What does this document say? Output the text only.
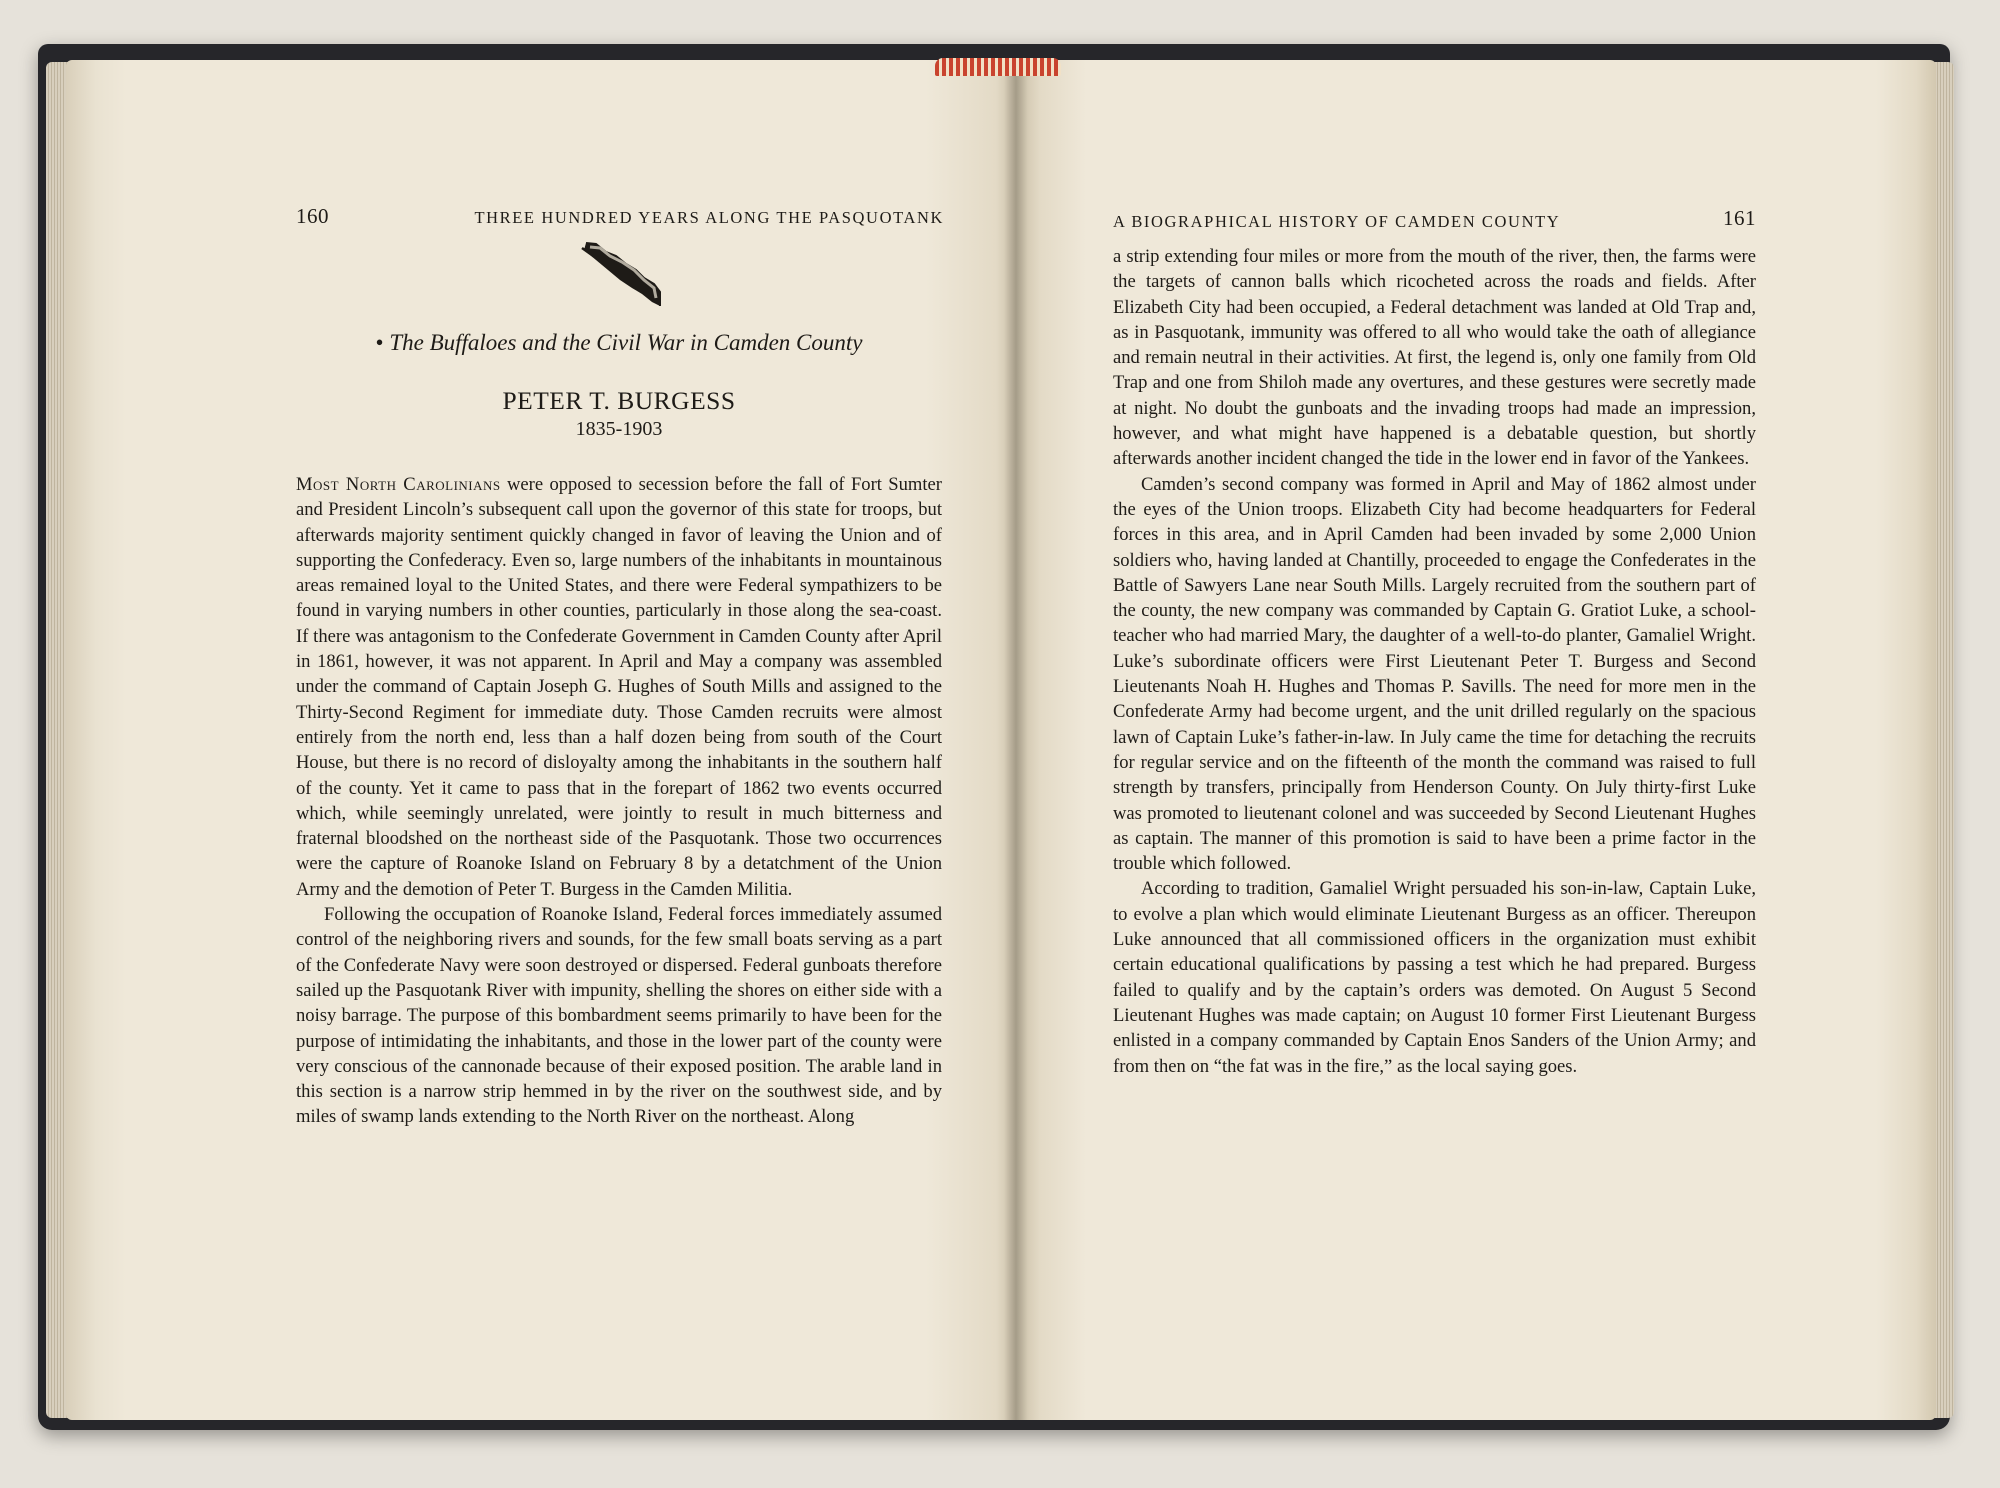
160	THREE HUNDRED YEARS ALONG THE PASQUOTANK
• The Buffaloes and the Civil War in Camden County
PETER T. BURGESS
1835-1903

Most North Carolinians were opposed to secession before the fall of Fort Sumter and President Lincoln’s subsequent call upon the governor of this state for troops, but afterwards majority sentiment quickly changed in favor of leaving the Union and of supporting the Confederacy. Even so, large numbers of the inhabitants in mountainous areas remained loyal to the United States, and there were Federal sympathizers to be found in varying numbers in other counties, particularly in those along the sea-coast. If there was antagonism to the Confederate Government in Camden County after April in 1861, however, it was not apparent. In April and May a company was assembled under the command of Captain Joseph G. Hughes of South Mills and assigned to the Thirty-Second Regiment for immediate duty. Those Camden recruits were almost entirely from the north end, less than a half dozen being from south of the Court House, but there is no record of disloyalty among the inhabitants in the southern half of the county. Yet it came to pass that in the forepart of 1862 two events occurred which, while seemingly unrelated, were jointly to result in much bitterness and fraternal bloodshed on the northeast side of the Pasquotank. Those two occurrences were the capture of Roanoke Island on February 8 by a detatchment of the Union Army and the demotion of Peter T. Burgess in the Camden Militia.

Following the occupation of Roanoke Island, Federal forces immediately assumed control of the neighboring rivers and sounds, for the few small boats serving as a part of the Confederate Navy were soon destroyed or dispersed. Federal gunboats therefore sailed up the Pasquotank River with impunity, shelling the shores on either side with a noisy barrage. The purpose of this bombardment seems primarily to have been for the purpose of intimidating the inhabitants, and those in the lower part of the county were very conscious of the cannonade because of their exposed position. The arable land in this section is a narrow strip hemmed in by the river on the southwest side, and by miles of swamp lands extending to the North River on the northeast. Along

A BIOGRAPHICAL HISTORY OF CAMDEN COUNTY	161

a strip extending four miles or more from the mouth of the river, then, the farms were the targets of cannon balls which ricocheted across the roads and fields. After Elizabeth City had been occupied, a Federal detachment was landed at Old Trap and, as in Pasquotank, immunity was offered to all who would take the oath of allegiance and remain neutral in their activities. At first, the legend is, only one family from Old Trap and one from Shiloh made any overtures, and these gestures were secretly made at night. No doubt the gunboats and the invading troops had made an impression, however, and what might have happened is a debatable question, but shortly afterwards another incident changed the tide in the lower end in favor of the Yankees.

Camden’s second company was formed in April and May of 1862 almost under the eyes of the Union troops. Elizabeth City had become headquarters for Federal forces in this area, and in April Camden had been invaded by some 2,000 Union soldiers who, having landed at Chantilly, proceeded to engage the Confederates in the Battle of Sawyers Lane near South Mills. Largely recruited from the southern part of the county, the new company was commanded by Captain G. Gratiot Luke, a school-teacher who had married Mary, the daughter of a well-to-do planter, Gamaliel Wright. Luke’s subordinate officers were First Lieutenant Peter T. Burgess and Second Lieutenants Noah H. Hughes and Thomas P. Savills. The need for more men in the Confederate Army had become urgent, and the unit drilled regularly on the spacious lawn of Captain Luke’s father-in-law. In July came the time for detaching the recruits for regular service and on the fifteenth of the month the command was raised to full strength by transfers, principally from Henderson County. On July thirty-first Luke was promoted to lieutenant colonel and was succeeded by Second Lieutenant Hughes as captain. The manner of this promotion is said to have been a prime factor in the trouble which followed.

According to tradition, Gamaliel Wright persuaded his son-in-law, Captain Luke, to evolve a plan which would eliminate Lieutenant Burgess as an officer. Thereupon Luke announced that all commissioned officers in the organization must exhibit certain educational qualifications by passing a test which he had prepared. Burgess failed to qualify and by the captain’s orders was demoted. On August 5 Second Lieutenant Hughes was made captain; on August 10 former First Lieutenant Burgess enlisted in a company commanded by Captain Enos Sanders of the Union Army; and from then on “the fat was in the fire,” as the local saying goes.
